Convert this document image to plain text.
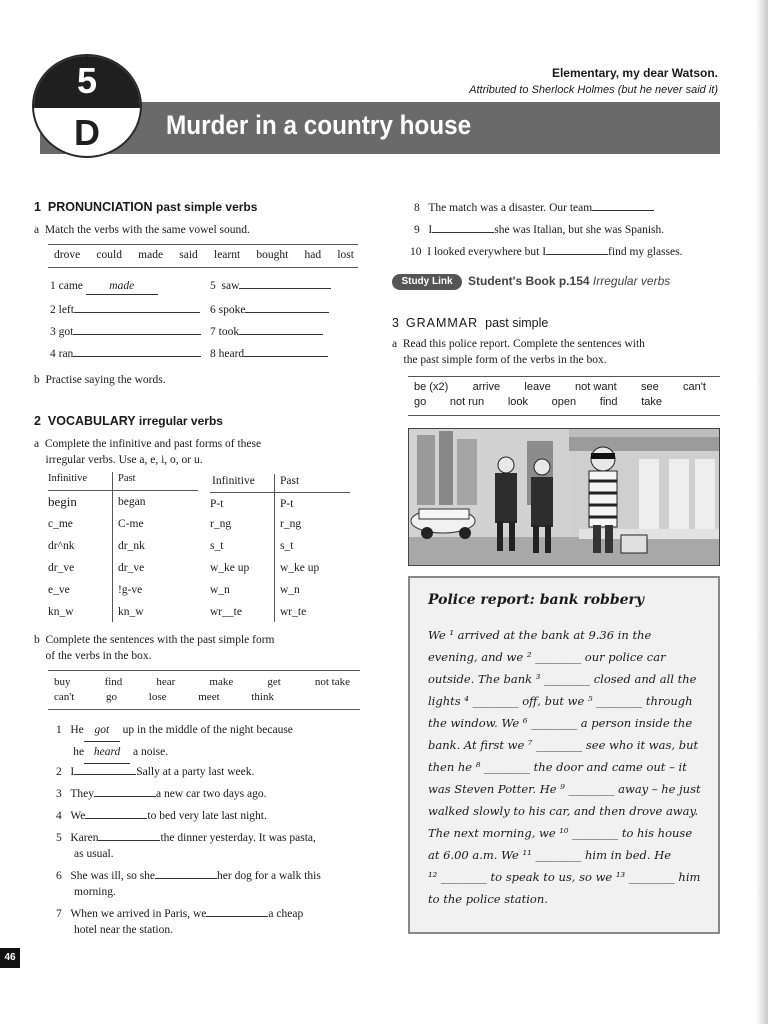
5
D	Murder in a country house
Elementary, my dear Watson.
Attributed to Sherlock Holmes (but he never said it)
1 PRONUNCIATION past simple verbs
a Match the verbs with the same vowel sound.
drove could made said learnt bought had lost
1 came made
2 left
3 got
4 ran
5 saw
6 spoke
7 took
8 heard
b Practise saying the words.
2 VOCABULARY irregular verbs
a Complete the infinitive and past forms of these
irregular verbs. Use a, e, i, o, or u.
Infinitive	Past
begin	began
c_me	C-me
dr^nk	dr_nk
dr_ve	dr_ve
e_ve	!g-ve
kn_w	kn_w
Infinitive Past
P-t	P-t
r_ng	r_ng
s_t	s_t
w_ke up	w_ke up
w_n	w_n
wr__te	wr_te
b Complete the sentences with the past simple form
of the verbs in the box.
buy	find	hear	make	get	not take
can't	go	lose	meet	think
1 He got up in the middle of the night because
he heard a noise.
2 I	Sally at a party last week.
3 They	a new car two days ago.
4 We	to bed very late last night.
5 Karen	the dinner yesterday. It was pasta,
as usual.
6 She was ill, so she	her dog for a walk this
morning.
7 When we arrived in Paris, we	a cheap
hotel near the station.
8 The match was a disaster. Our team
9 I	she was Italian, but she was Spanish.
10 I looked everywhere but I	find my glasses.
Study Link	Student's Book p.154 Irregular verbs
3 GRAMMAR past simple
a Read this police report. Complete the sentences with
the past simple form of the verbs in the box.
be (x2) arrive leave not want see can't
go not run look open find take
Police report: bank robbery
We ¹ arrived at the bank at 9.36 in the
evening, and we ² ________ our police car
outside. The bank ³ ________ closed and all the
lights ⁴ ________ off, but we ⁵ ________ through
the window. We ⁶ ________ a person inside the
bank. At first we ⁷ ________ see who it was, but
then he ⁸ ________ the door and came out – it
was Steven Potter. He ⁹ ________ away – he just
walked slowly to his car, and then drove away.
The next morning, we ¹⁰ ________ to his house
at 6.00 a.m. We ¹¹ ________ him in bed. He
¹² ________ to speak to us, so we ¹³ ________ him
to the police station.
46
